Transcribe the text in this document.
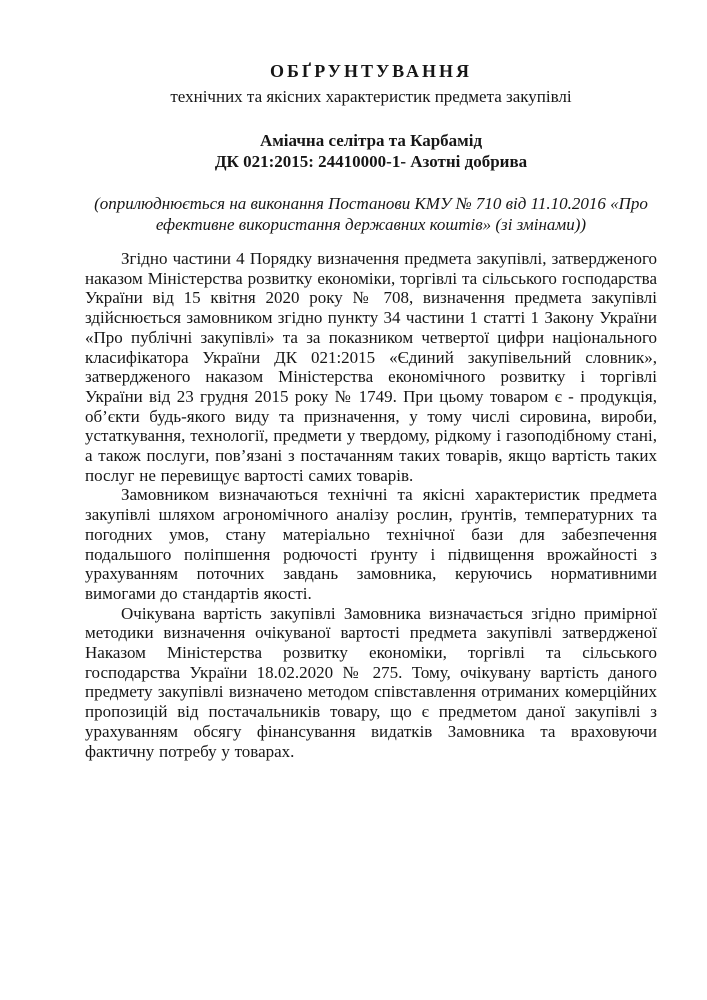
ОБҐРУНТУВАННЯ
технічних та якісних характеристик предмета закупівлі
Аміачна селітра та Карбамід
ДК 021:2015: 24410000-1- Азотні добрива
(оприлюднюється на виконання Постанови КМУ № 710 від 11.10.2016 «Про ефективне використання державних коштів» (зі змінами))

Згідно частини 4 Порядку визначення предмета закупівлі, затвердженого наказом Міністерства розвитку економіки, торгівлі та сільського господарства України від 15 квітня 2020 року № 708, визначення предмета закупівлі здійснюється замовником згідно пункту 34 частини 1 статті 1 Закону України «Про публічні закупівлі» та за показником четвертої цифри національного класифікатора України ДК 021:2015 «Єдиний закупівельний словник», затвердженого наказом Міністерства економічного розвитку і торгівлі України від 23 грудня 2015 року № 1749. При цьому товаром є - продукція, об’єкти будь-якого виду та призначення, у тому числі сировина, вироби, устаткування, технології, предмети у твердому, рідкому і газоподібному стані, а також послуги, пов’язані з постачанням таких товарів, якщо вартість таких послуг не перевищує вартості самих товарів.

Замовником визначаються технічні та якісні характеристик предмета закупівлі шляхом агрономічного аналізу рослин, ґрунтів, температурних та погодних умов, стану матеріально технічної бази для забезпечення подальшого поліпшення родючості ґрунту і підвищення врожайності з урахуванням поточних завдань замовника, керуючись нормативними вимогами до стандартів якості.

Очікувана вартість закупівлі Замовника визначається згідно примірної методики визначення очікуваної вартості предмета закупівлі затвердженої Наказом Міністерства розвитку економіки, торгівлі та сільського господарства України 18.02.2020 № 275. Тому, очікувану вартість даного предмету закупівлі визначено методом співставлення отриманих комерційних пропозицій від постачальників товару, що є предметом даної закупівлі з урахуванням обсягу фінансування видатків Замовника та враховуючи фактичну потребу у товарах.
